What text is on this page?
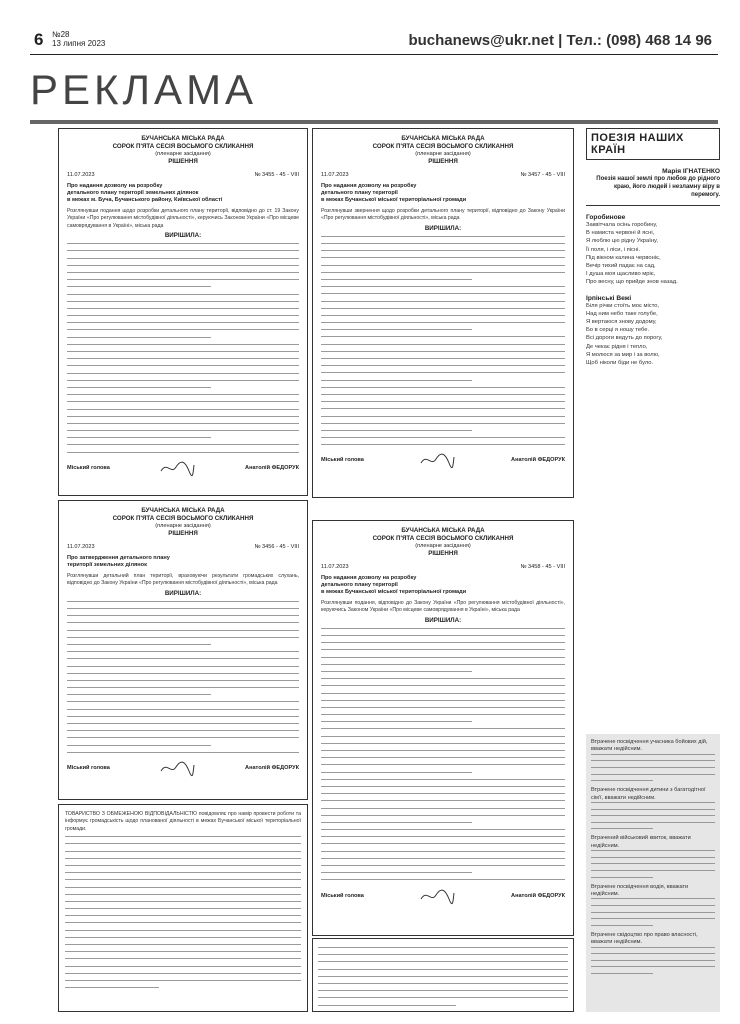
6 №28
13 липня 2023	buchanews@ukr.net | Тел.: (098) 468 14 96
РЕКЛАМА
БУЧАНСЬКА МІСЬКА РАДА
СОРОК П'ЯТА СЕСІЯ ВОСЬМОГО СКЛИКАННЯ
(пленарне засідання)
РІШЕННЯ
11.07.2023	№ 3455 - 45 - VIII
Про надання дозволу на розробку
детального плану території земельних ділянок
в межах м. Буча, Бучанського району, Київської області
Розглянувши подання щодо розробки детального плану території, відповідно до ст. 19 Закону України «Про регулювання містобудівної діяльності», керуючись Законом України «Про місцеве самоврядування в Україні», міська рада
ВИРІШИЛА:
Міський голова	Анатолій ФЕДОРУК
БУЧАНСЬКА МІСЬКА РАДА
СОРОК П'ЯТА СЕСІЯ ВОСЬМОГО СКЛИКАННЯ
(пленарне засідання)
РІШЕННЯ
11.07.2023	№ 3457 - 45 - VIII
Про надання дозволу на розробку
детального плану території
в межах Бучанської міської територіальної громади
Розглянувши звернення щодо розробки детального плану території, відповідно до Закону України «Про регулювання містобудівної діяльності», міська рада
ВИРІШИЛА:
Міський голова	Анатолій ФЕДОРУК
БУЧАНСЬКА МІСЬКА РАДА
СОРОК П'ЯТА СЕСІЯ ВОСЬМОГО СКЛИКАННЯ
(пленарне засідання)
РІШЕННЯ
11.07.2023	№ 3456 - 45 - VIII
Про затвердження детального плану
території земельних ділянок
Розглянувши детальний план території, враховуючи результати громадських слухань, відповідно до Закону України «Про регулювання містобудівної діяльності», міська рада
ВИРІШИЛА:
Міський голова	Анатолій ФЕДОРУК
БУЧАНСЬКА МІСЬКА РАДА
СОРОК П'ЯТА СЕСІЯ ВОСЬМОГО СКЛИКАННЯ
(пленарне засідання)
РІШЕННЯ
11.07.2023	№ 3458 - 45 - VIII
Про надання дозволу на розробку
детального плану території
в межах Бучанської міської територіальної громади
Розглянувши подання, відповідно до Закону України «Про регулювання містобудівної діяльності», керуючись Законом України «Про місцеве самоврядування в Україні», міська рада
ВИРІШИЛА:
Міський голова	Анатолій ФЕДОРУК
ТОВАРИСТВО З ОБМЕЖЕНОЮ ВІДПОВІДАЛЬНІСТЮ повідомляє про намір провести роботи та інформує громадськість щодо планованої діяльності в межах Бучанської міської територіальної громади.
ПОЕЗІЯ НАШИХ КРАЇН
Марія ІГНАТЕНКО
Поезія нашої землі про любов до рідного краю, його людей і незламну віру в перемогу.
Горобинове
Заквітчала осінь горобину,
В намиста червоні й ясні,
Я люблю цю рідну Україну,
Її поля, і ліси, і пісні.
Під вікном калина червоніє,
Вечір тихий падає на сад,
І душа моя щасливо мріє,
Про весну, що прийде знов назад.
Ірпінські Вежі
Біля річки стоїть моє місто,
Над ним небо таке голубе,
Я вертаюся знову додому,
Бо в серці я ношу тебе.
Всі дороги ведуть до порогу,
Де чекає рідня і тепло,
Я молюся за мир і за волю,
Щоб ніколи біди не було.
Втрачене посвідчення учасника бойових дій, вважати недійсним.
Втрачене посвідчення дитини з багатодітної сім'ї, вважати недійсним.
Втрачений військовий квиток, вважати недійсним.
Втрачене посвідчення водія, вважати недійсним.
Втрачене свідоцтво про право власності, вважати недійсним.
